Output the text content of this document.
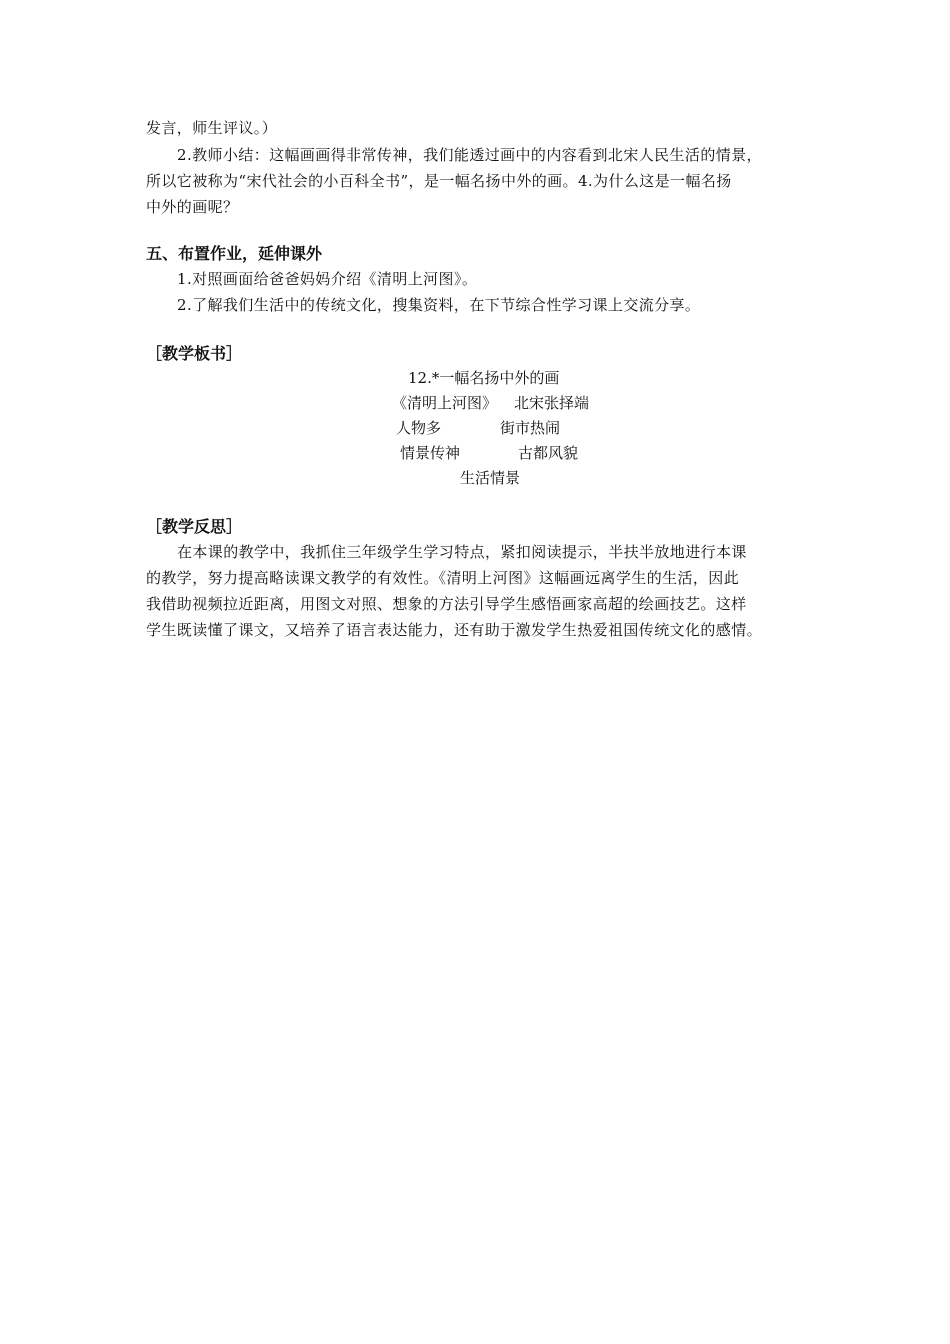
发言，师生评议。）
2.教师小结：这幅画画得非常传神，我们能透过画中的内容看到北宋人民生活的情景，
所以它被称为“宋代社会的小百科全书”，是一幅名扬中外的画。4.为什么这是一幅名扬
中外的画呢？
五、布置作业，延伸课外
1.对照画面给爸爸妈妈介绍《清明上河图》。
2.了解我们生活中的传统文化，搜集资料，在下节综合性学习课上交流分享。
［教学板书］
12.*一幅名扬中外的画
《清明上河图》 北宋张择端
人物多	街市热闹
情景传神	古都风貌
生活情景
［教学反思］
在本课的教学中，我抓住三年级学生学习特点，紧扣阅读提示，半扶半放地进行本课
的教学，努力提高略读课文教学的有效性。《清明上河图》这幅画远离学生的生活，因此
我借助视频拉近距离，用图文对照、想象的方法引导学生感悟画家高超的绘画技艺。这样
学生既读懂了课文，又培养了语言表达能力，还有助于激发学生热爱祖国传统文化的感情。
